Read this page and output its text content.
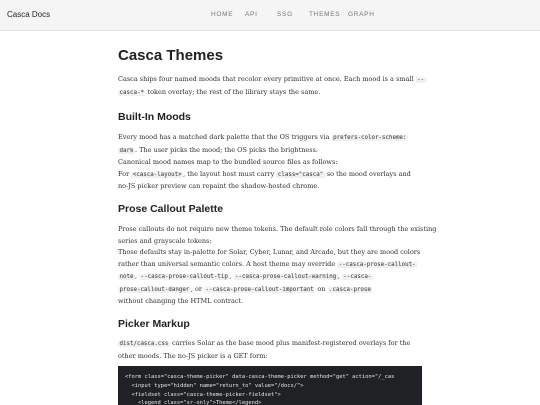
Casca Docs	HOME API	SSG THEMES GRAPH
Casca Themes
Casca ships four named moods that recolor every primitive at once. Each mood is a small --
casca-* token overlay; the rest of the library stays the same.
Built-In Moods
Every mood has a matched dark palette that the OS triggers via prefers-color-scheme:
dark . The user picks the mood; the OS picks the brightness.
Canonical mood names map to the bundled source files as follows:
For <casca-layout> , the layout host must carry class="casca" so the mood overlays and
no-JS picker preview can repaint the shadow-hosted chrome.
Prose Callout Palette
Prose callouts do not require new theme tokens. The default role colors fall through the existing
series and grayscale tokens:
Those defaults stay in-palette for Solar, Cyber, Lunar, and Arcade, but they are mood colors
rather than universal semantic colors. A host theme may override --casca-prose-callout-
note , --casca-prose-callout-tip , --casca-prose-callout-warning , --casca-
prose-callout-danger , or --casca-prose-callout-important on .casca-prose
without changing the HTML contract.
Picker Markup
dist/casca.css carries Solar as the base mood plus manifest-registered overlays for the
other moods. The no-JS picker is a GET form:
<form class="casca-theme-picker" data-casca-theme-picker method="get" action="/_cas
<input type="hidden" name="return_to" value="/docs/">
<fieldset class="casca-theme-picker-fieldset">
<legend class="sr-only">Theme</legend>
